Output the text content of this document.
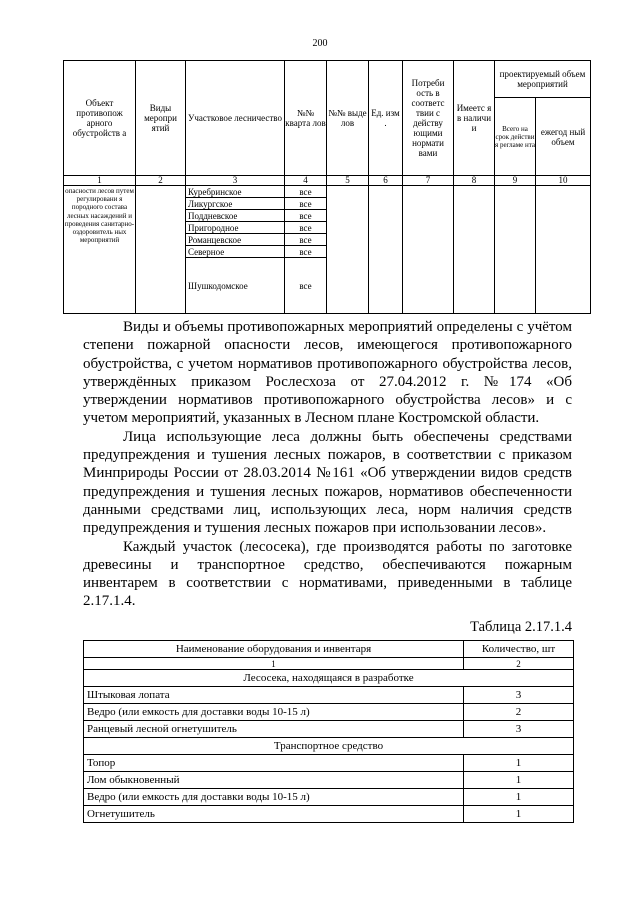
200
Объект противопож арного обустройств а	Виды меропри ятий	Участковое лесничество	№№ кварта лов	№№ выде лов	Ед. изм .	Потреби ость в соответс твии с действу ющими нормати вами	Имеетс я в наличи и	проектируемый объем мероприятий	
								Всего на срок действи я регламе нта	ежегод ный объем
1	2	3	4	5	6	7	8	9	10
опасности лесов путем регулировани я породного состава лесных насаждений и проведения санитарно-оздоровитель ных мероприятий		Куребринское	все						
		Ликургское	все						
		Поддневское	все						
		Пригородное	все						
		Романцевское	все						
		Северное	все						
		Шушкодомское	все						

Виды и объемы противопожарных мероприятий определены с учётом степени пожарной опасности лесов, имеющегося противопожарного обустройства, с учетом нормативов противопожарного обустройства лесов, утверждённых приказом Рослесхоза от 27.04.2012 г. №174 «Об утверждении нормативов противопожарного обустройства лесов» и с учетом мероприятий, указанных в Лесном плане Костромской области.

Лица использующие леса должны быть обеспечены средствами предупреждения и тушения лесных пожаров, в соответствии с приказом Минприроды России от 28.03.2014 №161 «Об утверждении видов средств предупреждения и тушения лесных пожаров, нормативов обеспеченности данными средствами лиц, использующих леса, норм наличия средств предупреждения и тушения лесных пожаров при использовании лесов».

Каждый участок (лесосека), где производятся работы по заготовке древесины и транспортное средство, обеспечиваются пожарным инвентарем в соответствии с нормативами, приведенными в таблице 2.17.1.4.

Таблица 2.17.1.4
Наименование оборудования и инвентаря	Количество, шт
1	2
Лесосека, находящаяся в разработке	
Штыковая лопата	3
Ведро (или емкость для доставки воды 10-15 л)	2
Ранцевый лесной огнетушитель	3
Транспортное средство	
Топор	1
Лом обыкновенный	1
Ведро (или емкость для доставки воды 10-15 л)	1
Огнетушитель	1
